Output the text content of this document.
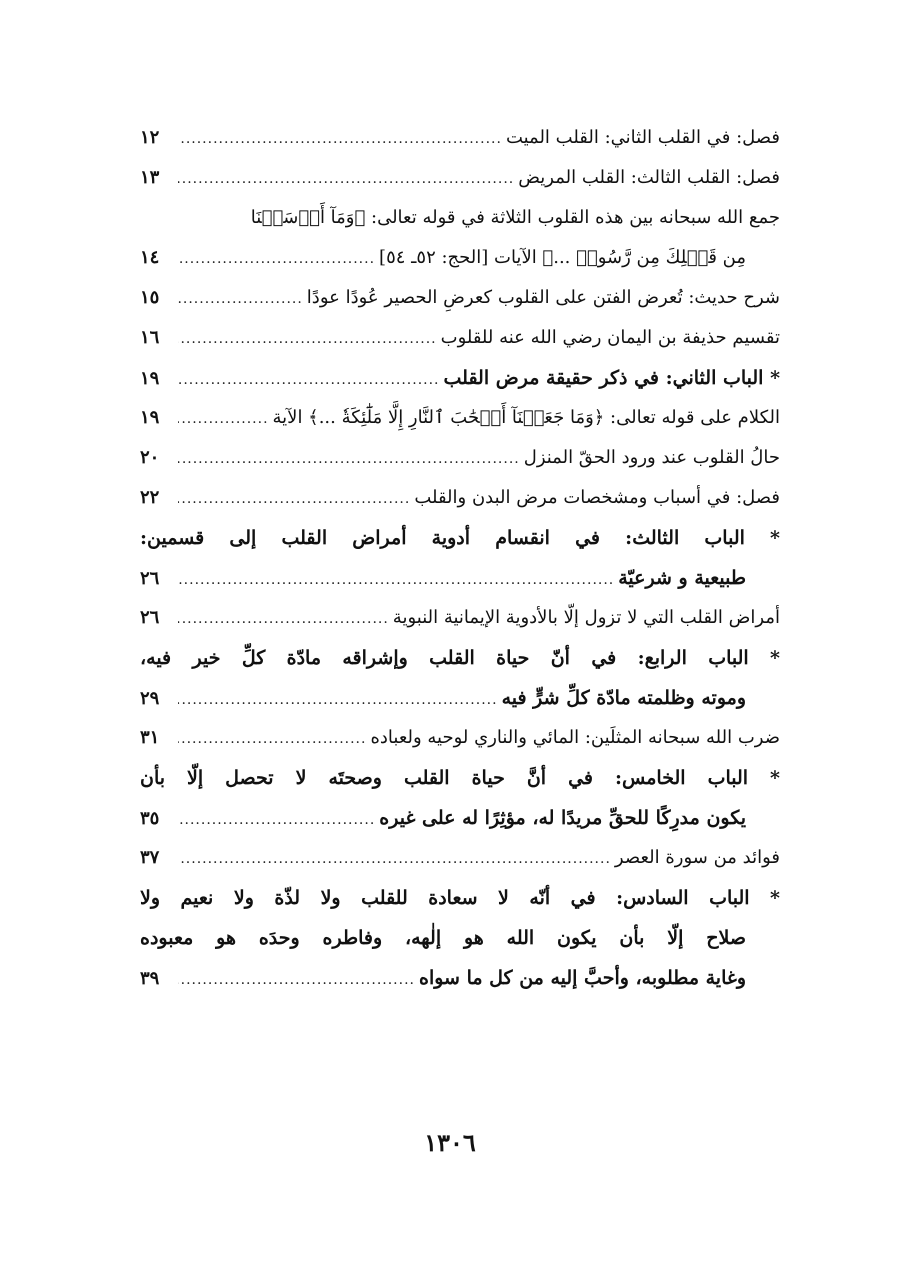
فصل: في القلب الثاني: القلب الميت
.....
١٢
فصل: القلب الثالث: القلب المريض
.....
١٣
جمع الله سبحانه بين هذه القلوب الثلاثة في قوله تعالى: ﴿وَمَآ أَرۡسَلۡنَا
مِن قَبۡلِكَ مِن رَّسُولٖ ...﴾ الآيات [الحج: ٥٢ـ ٥٤]
.....
١٤
شرح حديث: تُعرض الفتن على القلوب كعرضِ الحصير عُودًا عودًا
.....
١٥
تقسيم حذيفة بن اليمان رضي الله عنه للقلوب
.....
١٦
* الباب الثاني: في ذكر حقيقة مرض القلب
.....
١٩
الكلام على قوله تعالى: ﴿وَمَا جَعَلۡنَآ أَصۡحَٰبَ ٱلنَّارِ إِلَّا مَلَٰٓئِكَةٗ ...﴾ الآية
.....
١٩
حالُ القلوب عند ورود الحقّ المنزل
.....
٢٠
فصل: في أسباب ومشخصات مرض البدن والقلب
.....
٢٢
* الباب الثالث: في انقسام أدوية أمراض القلب إلى قسمين:
طبيعية و شرعيّة
.....
٢٦
أمراض القلب التي لا تزول إلّا بالأدوية الإيمانية النبوية
.....
٢٦
* الباب الرابع: في أنّ حياة القلب وإشراقه مادّة كلِّ خير فيه،
وموته وظلمته مادّة كلِّ شرٍّ فيه
.....
٢٩
ضرب الله سبحانه المثلَين: المائي والناري لوحيه ولعباده
.....
٣١
* الباب الخامس: في أنَّ حياة القلب وصحتَه لا تحصل إلّا بأن
يكون مدرِكًا للحقِّ مريدًا له، مؤثِرًا له على غيره
.....
٣٥
فوائد من سورة العصر
.....
٣٧
* الباب السادس: في أنّه لا سعادة للقلب ولا لذّة ولا نعيم ولا
صلاح إلّا بأن يكون الله هو إلٰهه، وفاطره وحدَه هو معبوده
وغاية مطلوبه، وأحبَّ إليه من كل ما سواه
.....
٣٩
١٣٠٦
